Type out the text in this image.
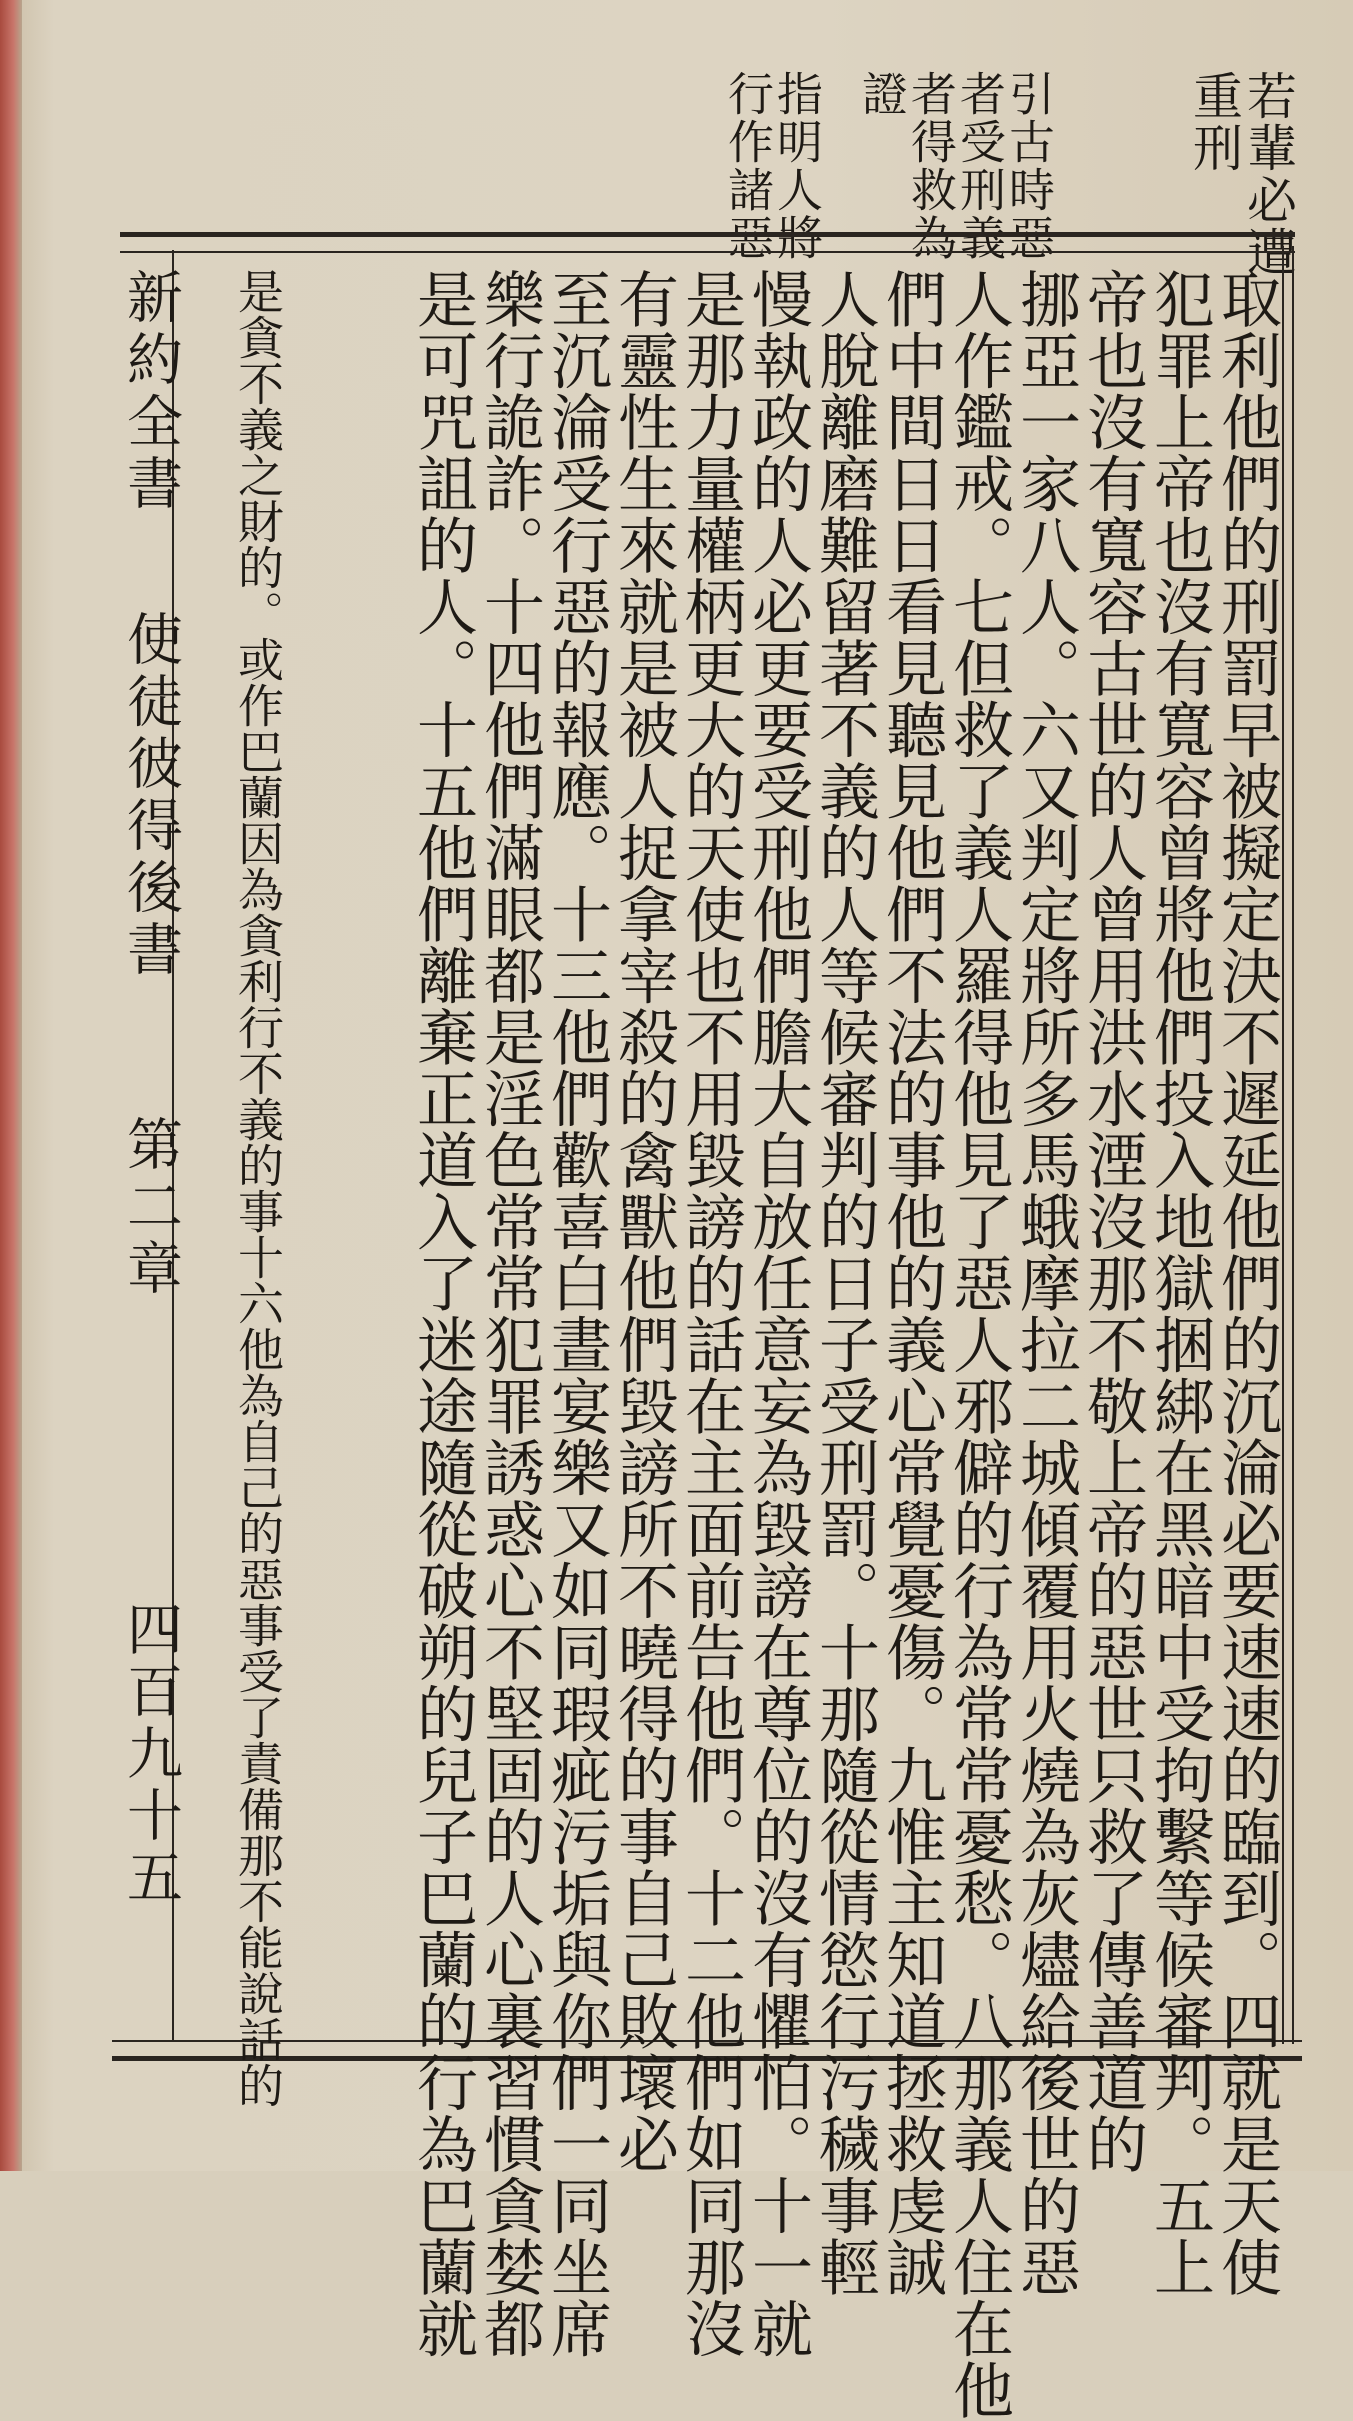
若輩必遭
重刑
引古時惡
者受刑義
者得救為
證
指明人將
行作諸惡
取利他們的刑罰早被擬定決不遲延他們的沉淪必要速速的臨到。四就是天使
犯罪上帝也沒有寬容曾將他們投入地獄捆綁在黑暗中受拘繫等候審判。五上
帝也沒有寬容古世的人曾用洪水湮沒那不敬上帝的惡世只救了傳善道的
挪亞一家八人。六又判定將所多馬蛾摩拉二城傾覆用火燒為灰燼給後世的惡
人作鑑戒。七但救了義人羅得他見了惡人邪僻的行為常常憂愁。八那義人住在他
們中間日日看見聽見他們不法的事他的義心常覺憂傷。九惟主知道拯救虔誠
人脫離磨難留著不義的人等候審判的日子受刑罰。十那隨從情慾行污穢事輕
慢執政的人必更要受刑他們膽大自放任意妄為毀謗在尊位的沒有懼怕。十一就
是那力量權柄更大的天使也不用毀謗的話在主面前告他們。十二他們如同那沒
有靈性生來就是被人捉拿宰殺的禽獸他們毀謗所不曉得的事自己敗壞必
至沉淪受行惡的報應。十三他們歡喜白晝宴樂又如同瑕疵污垢與你們一同坐席
樂行詭詐。十四他們滿眼都是淫色常常犯罪誘惑心不堅固的人心裏習慣貪婪都
是可咒詛的人。十五他們離棄正道入了迷途隨從破朔的兒子巴蘭的行為巴蘭就
是貪不義之財的。或作巴蘭因為貪利行不義的事十六他為自己的惡事受了責備那不能說話的
新約全書
使徒彼得後書
第二章
四百九十五
